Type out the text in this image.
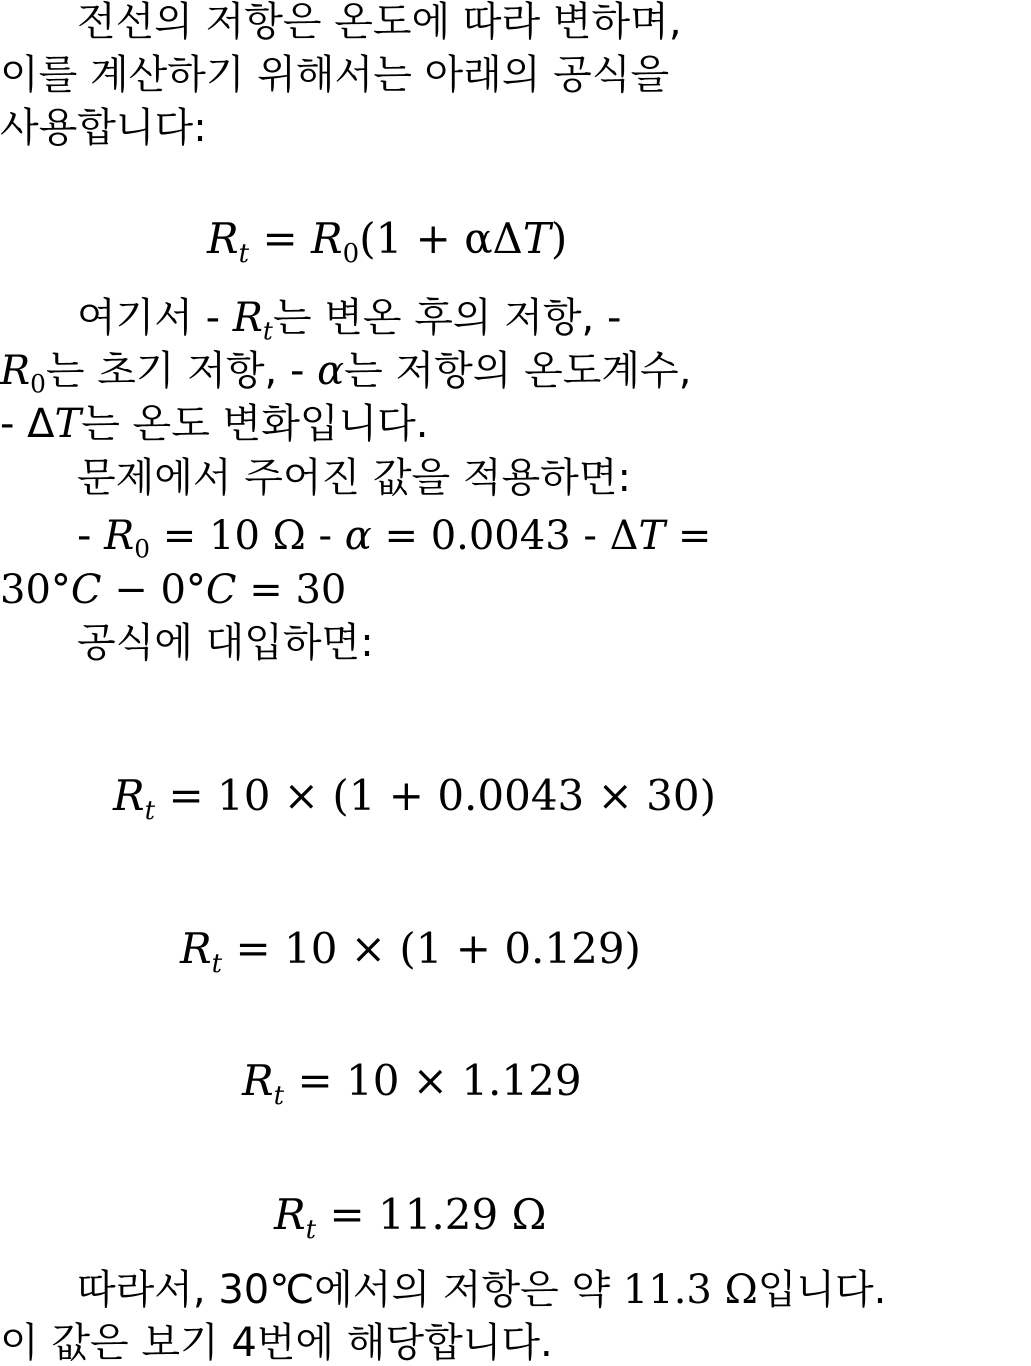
전선의 저항은 온도에 따라 변하며,
이를 계산하기 위해서는 아래의 공식을
사용합니다:
$R_t = R_0(1 + \alpha\Delta T)$
여기서 - $R_t$는 변온 후의 저항, -
$R_0$는 초기 저항, - α는 저항의 온도계수,
- ΔT는 온도 변화입니다.
문제에서 주어진 값을 적용하면:
- $R_0 = 10$ Ω - α = 0.0043 - ΔT =
30°C − 0°C = 30
공식에 대입하면:
$R_t = 10 \times (1 + 0.0043 \times 30)$
$R_t = 10 \times (1 + 0.129)$
$R_t = 10 \times 1.129$
$R_t = 11.29$ Ω
따라서, 30℃에서의 저항은 약 11.3 Ω입니다.
이 값은 보기 4번에 해당합니다.
